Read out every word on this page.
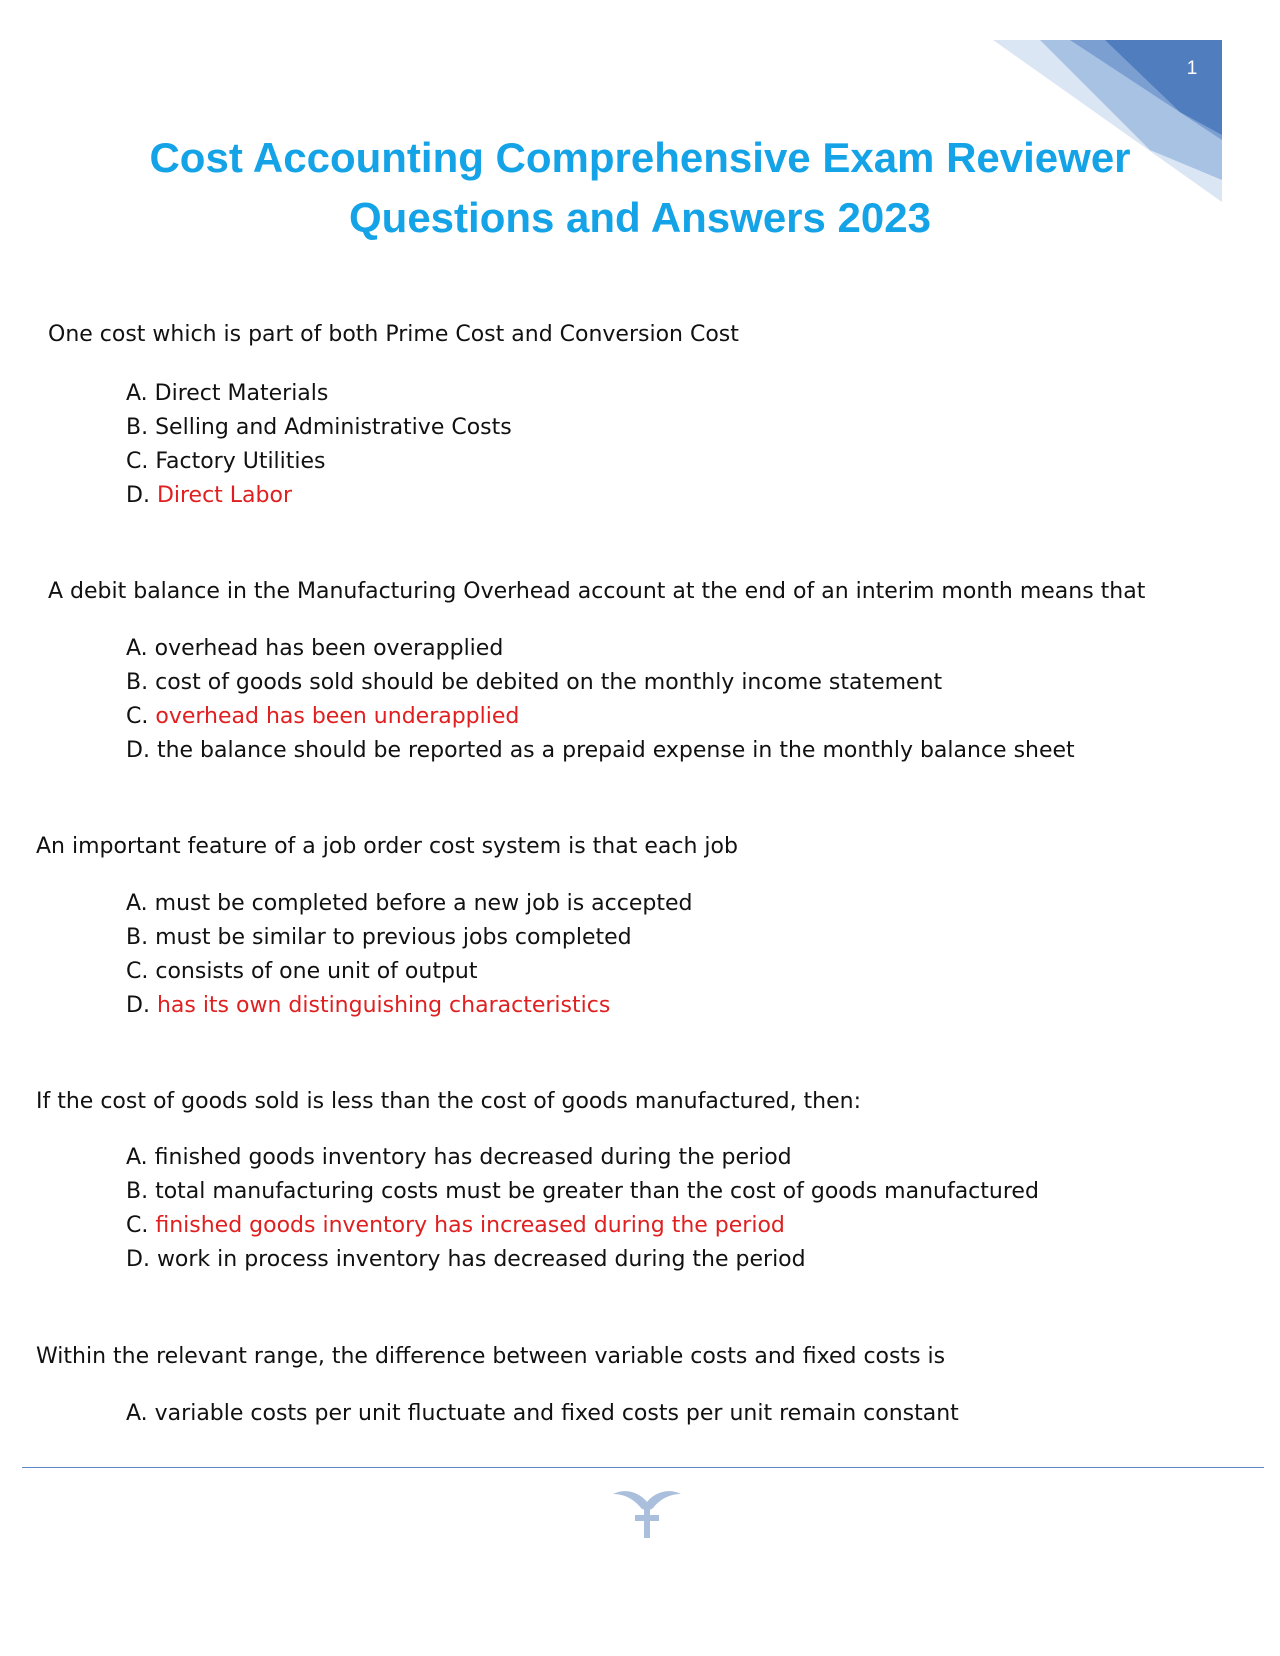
1
Cost Accounting Comprehensive Exam Reviewer
Questions and Answers 2023
One cost which is part of both Prime Cost and Conversion Cost
A. Direct Materials
B. Selling and Administrative Costs
C. Factory Utilities
D. Direct Labor
A debit balance in the Manufacturing Overhead account at the end of an interim month means that
A. overhead has been overapplied
B. cost of goods sold should be debited on the monthly income statement
C. overhead has been underapplied
D. the balance should be reported as a prepaid expense in the monthly balance sheet
An important feature of a job order cost system is that each job
A. must be completed before a new job is accepted
B. must be similar to previous jobs completed
C. consists of one unit of output
D. has its own distinguishing characteristics
If the cost of goods sold is less than the cost of goods manufactured, then:
A. finished goods inventory has decreased during the period
B. total manufacturing costs must be greater than the cost of goods manufactured
C. finished goods inventory has increased during the period
D. work in process inventory has decreased during the period
Within the relevant range, the difference between variable costs and fixed costs is
A. variable costs per unit fluctuate and fixed costs per unit remain constant
